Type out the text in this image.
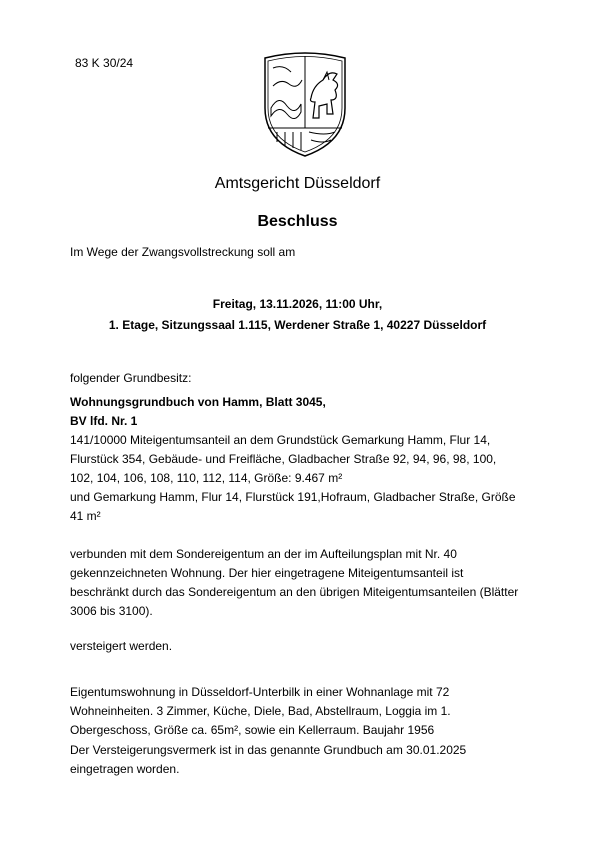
83 K 30/24
Amtsgericht Düsseldorf
Beschluss
Im Wege der Zwangsvollstreckung soll am
Freitag, 13.11.2026, 11:00 Uhr,
1. Etage, Sitzungssaal 1.115, Werdener Straße 1, 40227 Düsseldorf
folgender Grundbesitz:
Wohnungsgrundbuch von Hamm, Blatt 3045,
BV lfd. Nr. 1
141/10000 Miteigentumsanteil an dem Grundstück Gemarkung Hamm, Flur 14,
Flurstück 354, Gebäude- und Freifläche, Gladbacher Straße 92, 94, 96, 98, 100,
102, 104, 106, 108, 110, 112, 114, Größe: 9.467 m²
und Gemarkung Hamm, Flur 14, Flurstück 191,Hofraum, Gladbacher Straße, Größe
41 m²
verbunden mit dem Sondereigentum an der im Aufteilungsplan mit Nr. 40
gekennzeichneten Wohnung. Der hier eingetragene Miteigentumsanteil ist
beschränkt durch das Sondereigentum an den übrigen Miteigentumsanteilen (Blätter
3006 bis 3100).
versteigert werden.
Eigentumswohnung in Düsseldorf-Unterbilk in einer Wohnanlage mit 72
Wohneinheiten. 3 Zimmer, Küche, Diele, Bad, Abstellraum, Loggia im 1.
Obergeschoss, Größe ca. 65m², sowie ein Kellerraum. Baujahr 1956
Der Versteigerungsvermerk ist in das genannte Grundbuch am 30.01.2025
eingetragen worden.
